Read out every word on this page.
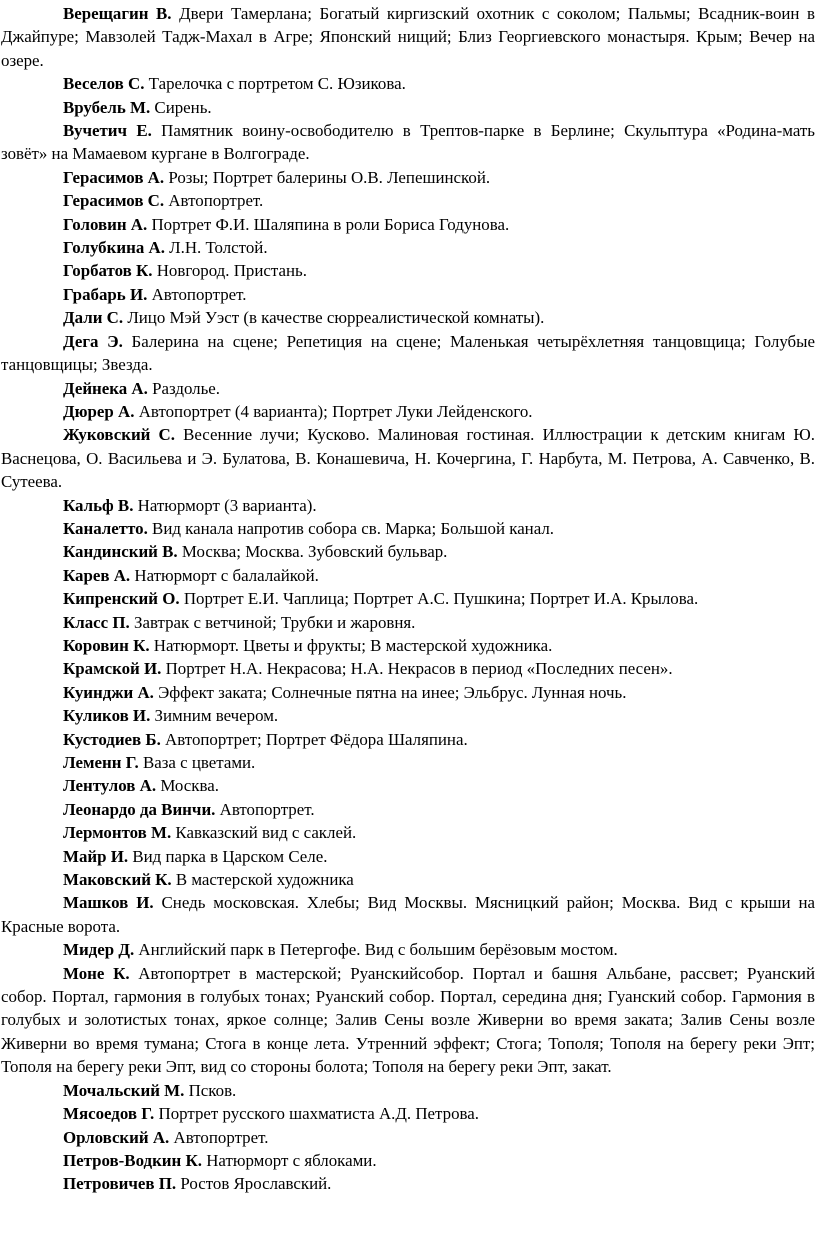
Верещагин В. Двери Тамерлана; Богатый киргизский охотник с соколом; Пальмы; Всадник-воин в Джайпуре; Мавзолей Тадж-Махал в Агре; Японский нищий; Близ Георгиевского монастыря. Крым; Вечер на озере.

Веселов С. Тарелочка с портретом С. Юзикова.

Врубель М. Сирень.

Вучетич Е. Памятник воину-освободителю в Трептов-парке в Берлине; Скульптура «Родина-мать зовёт» на Мамаевом кургане в Волгограде.

Герасимов А. Розы; Портрет балерины О.В. Лепешинской.

Герасимов С. Автопортрет.

Головин А. Портрет Ф.И. Шаляпина в роли Бориса Годунова.

Голубкина А. Л.Н. Толстой.

Горбатов К. Новгород. Пристань.

Грабарь И. Автопортрет.

Дали С. Лицо Мэй Уэст (в качестве сюрреалистической комнаты).

Дега Э. Балерина на сцене; Репетиция на сцене; Маленькая четырёхлетняя танцовщица; Голубые танцовщицы; Звезда.

Дейнека А. Раздолье.

Дюрер А. Автопортрет (4 варианта); Портрет Луки Лейденского.

Жуковский С. Весенние лучи; Кусково. Малиновая гостиная. Иллюстрации к детским книгам Ю. Васнецова, О. Васильева и Э. Булатова, В. Конашевича, Н. Кочергина, Г. Нарбута, М. Петрова, А. Савченко, В. Сутеева.

Кальф В. Натюрморт (3 варианта).

Каналетто. Вид канала напротив собора св. Марка; Большой канал.

Кандинский В. Москва; Москва. Зубовский бульвар.

Карев А. Натюрморт с балалайкой.

Кипренский О. Портрет Е.И. Чаплица; Портрет А.С. Пушкина; Портрет И.А. Крылова.

Класс П. Завтрак с ветчиной; Трубки и жаровня.

Коровин К. Натюрморт. Цветы и фрукты; В мастерской художника.

Крамской И. Портрет Н.А. Некрасова; Н.А. Некрасов в период «Последних песен».

Куинджи А. Эффект заката; Солнечные пятна на инее; Эльбрус. Лунная ночь.

Куликов И. Зимним вечером.

Кустодиев Б. Автопортрет; Портрет Фёдора Шаляпина.

Леменн Г. Ваза с цветами.

Лентулов А. Москва.

Леонардо да Винчи. Автопортрет.

Лермонтов М. Кавказский вид с саклей.

Майр И. Вид парка в Царском Селе.

Маковский К. В мастерской художника

Машков И. Снедь московская. Хлебы; Вид Москвы. Мясницкий район; Москва. Вид с крыши на Красные ворота.

Мидер Д. Английский парк в Петергофе. Вид с большим берёзовым мостом.

Моне К. Автопортрет в мастерской; Руанскийсобор. Портал и башня Альбане, рассвет; Руанский собор. Портал, гармония в голубых тонах; Руанский собор. Портал, середина дня; Гуанский собор. Гармония в голубых и золотистых тонах, яркое солнце; Залив Сены возле Живерни во время заката; Залив Сены возле Живерни во время тумана; Стога в конце лета. Утренний эффект; Стога; Тополя; Тополя на берегу реки Эпт; Тополя на берегу реки Эпт, вид со стороны болота; Тополя на берегу реки Эпт, закат.

Мочальский М. Псков.

Мясоедов Г. Портрет русского шахматиста А.Д. Петрова.

Орловский А. Автопортрет.

Петров-Водкин К. Натюрморт с яблоками.

Петровичев П. Ростов Ярославский.
